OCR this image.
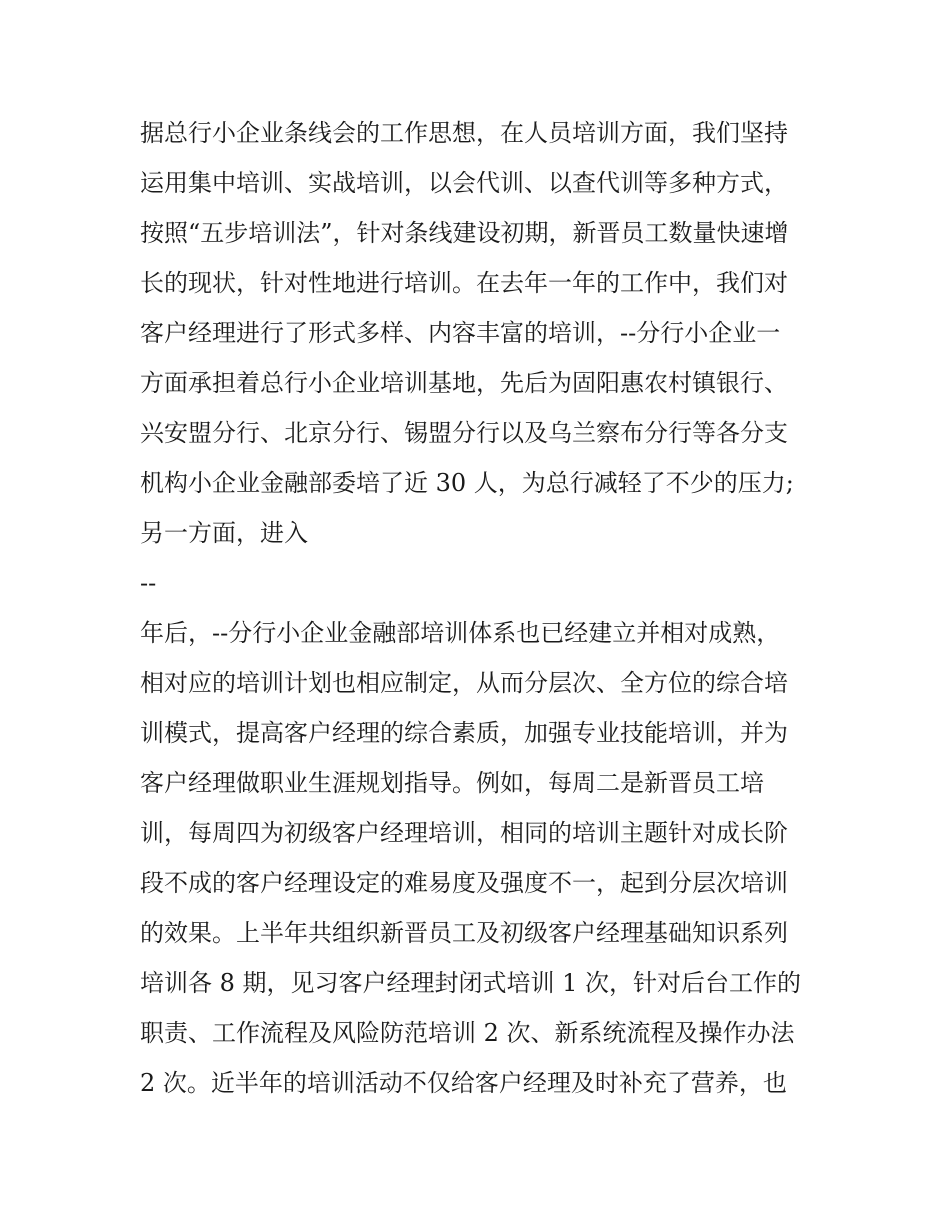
据总行小企业条线会的工作思想，在人员培训方面，我们坚持
运用集中培训、实战培训，以会代训、以查代训等多种方式，
按照“五步培训法”，针对条线建设初期，新晋员工数量快速增
长的现状，针对性地进行培训。在去年一年的工作中，我们对
客户经理进行了形式多样、内容丰富的培训，--分行小企业一
方面承担着总行小企业培训基地，先后为固阳惠农村镇银行、
兴安盟分行、北京分行、锡盟分行以及乌兰察布分行等各分支
机构小企业金融部委培了近 30 人，为总行减轻了不少的压力;
另一方面，进入
--
年后，--分行小企业金融部培训体系也已经建立并相对成熟，
相对应的培训计划也相应制定，从而分层次、全方位的综合培
训模式，提高客户经理的综合素质，加强专业技能培训，并为
客户经理做职业生涯规划指导。例如，每周二是新晋员工培
训，每周四为初级客户经理培训，相同的培训主题针对成长阶
段不成的客户经理设定的难易度及强度不一，起到分层次培训
的效果。上半年共组织新晋员工及初级客户经理基础知识系列
培训各 8 期，见习客户经理封闭式培训 1 次，针对后台工作的
职责、工作流程及风险防范培训 2 次、新系统流程及操作办法
2 次。近半年的培训活动不仅给客户经理及时补充了营养，也
